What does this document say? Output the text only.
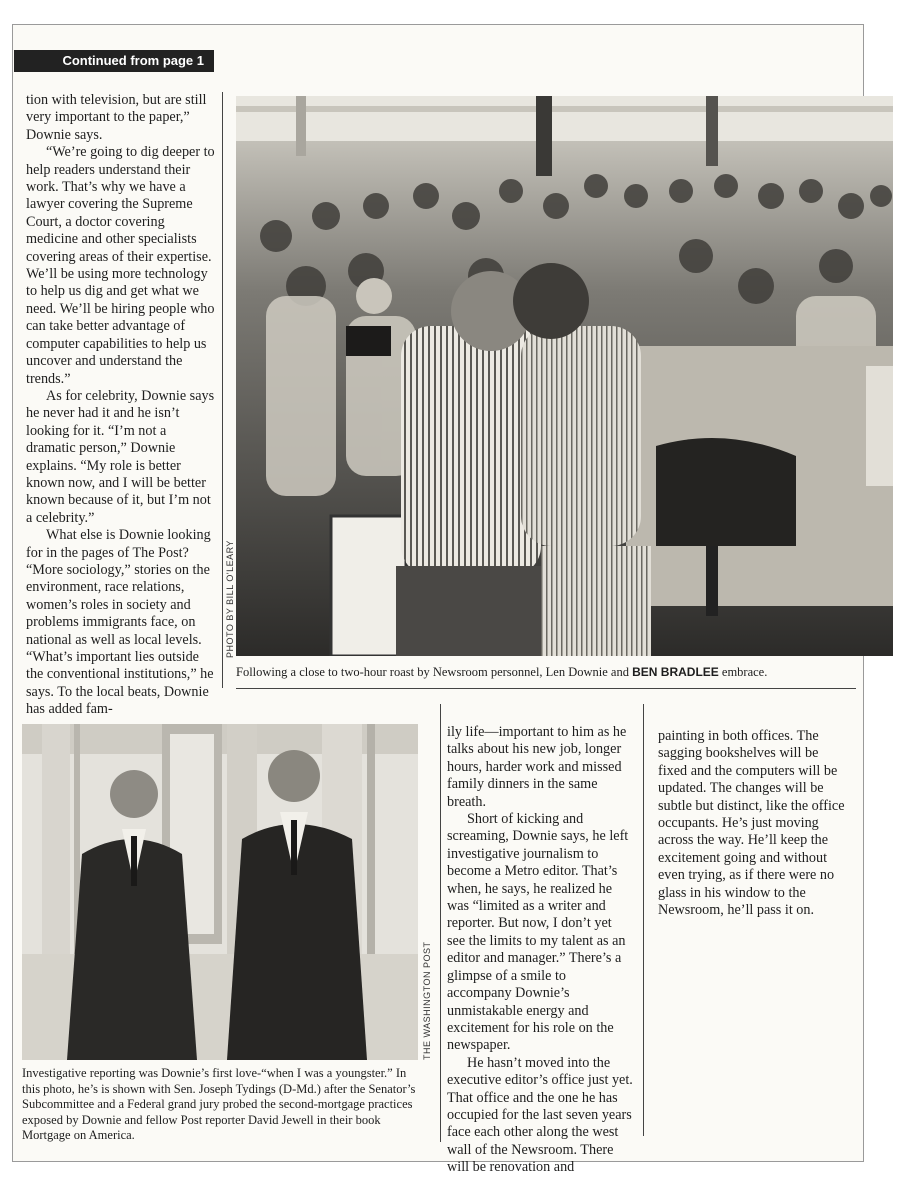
Continued from page 1

tion with television, but are still very important to the paper,” Downie says.

“We’re going to dig deeper to help readers understand their work. That’s why we have a lawyer covering the Supreme Court, a doctor covering medicine and other specialists covering areas of their expertise. We’ll be using more technology to help us dig and get what we need. We’ll be hiring people who can take better advantage of computer capabilities to help us uncover and understand the trends.”

As for celebrity, Downie says he never had it and he isn’t looking for it. “I’m not a dramatic person,” Downie explains. “My role is better known now, and I will be better known because of it, but I’m not a celebrity.”

What else is Downie looking for in the pages of The Post? “More sociology,” stories on the environment, race relations, women’s roles in society and problems immigrants face, on national as well as local levels. “What’s important lies outside the conventional institutions,” he says. To the local beats, Downie has added fam-

PHOTO BY BILL O'LEARY
Following a close to two-hour roast by Newsroom personnel, Len Downie and BEN BRADLEE embrace.
THE WASHINGTON POST
Investigative reporting was Downie’s first love-“when I was a youngster.” In this photo, he’s is shown with Sen. Joseph Tydings (D-Md.) after the Senator’s Subcommittee and a Federal grand jury probed the second-mortgage practices exposed by Downie and fellow Post reporter David Jewell in their book Mortgage on America.

ily life—important to him as he talks about his new job, longer hours, harder work and missed family dinners in the same breath.

Short of kicking and screaming, Downie says, he left investigative journalism to become a Metro editor. That’s when, he says, he realized he was “limited as a writer and reporter. But now, I don’t yet see the limits to my talent as an editor and manager.” There’s a glimpse of a smile to accompany Downie’s unmistakable energy and excitement for his role on the newspaper.

He hasn’t moved into the executive editor’s office just yet. That office and the one he has occupied for the last seven years face each other along the west wall of the Newsroom. There will be renovation and

painting in both offices. The sagging bookshelves will be fixed and the computers will be updated. The changes will be subtle but distinct, like the office occupants. He’s just moving across the way. He’ll keep the excitement going and without even trying, as if there were no glass in his window to the Newsroom, he’ll pass it on.
